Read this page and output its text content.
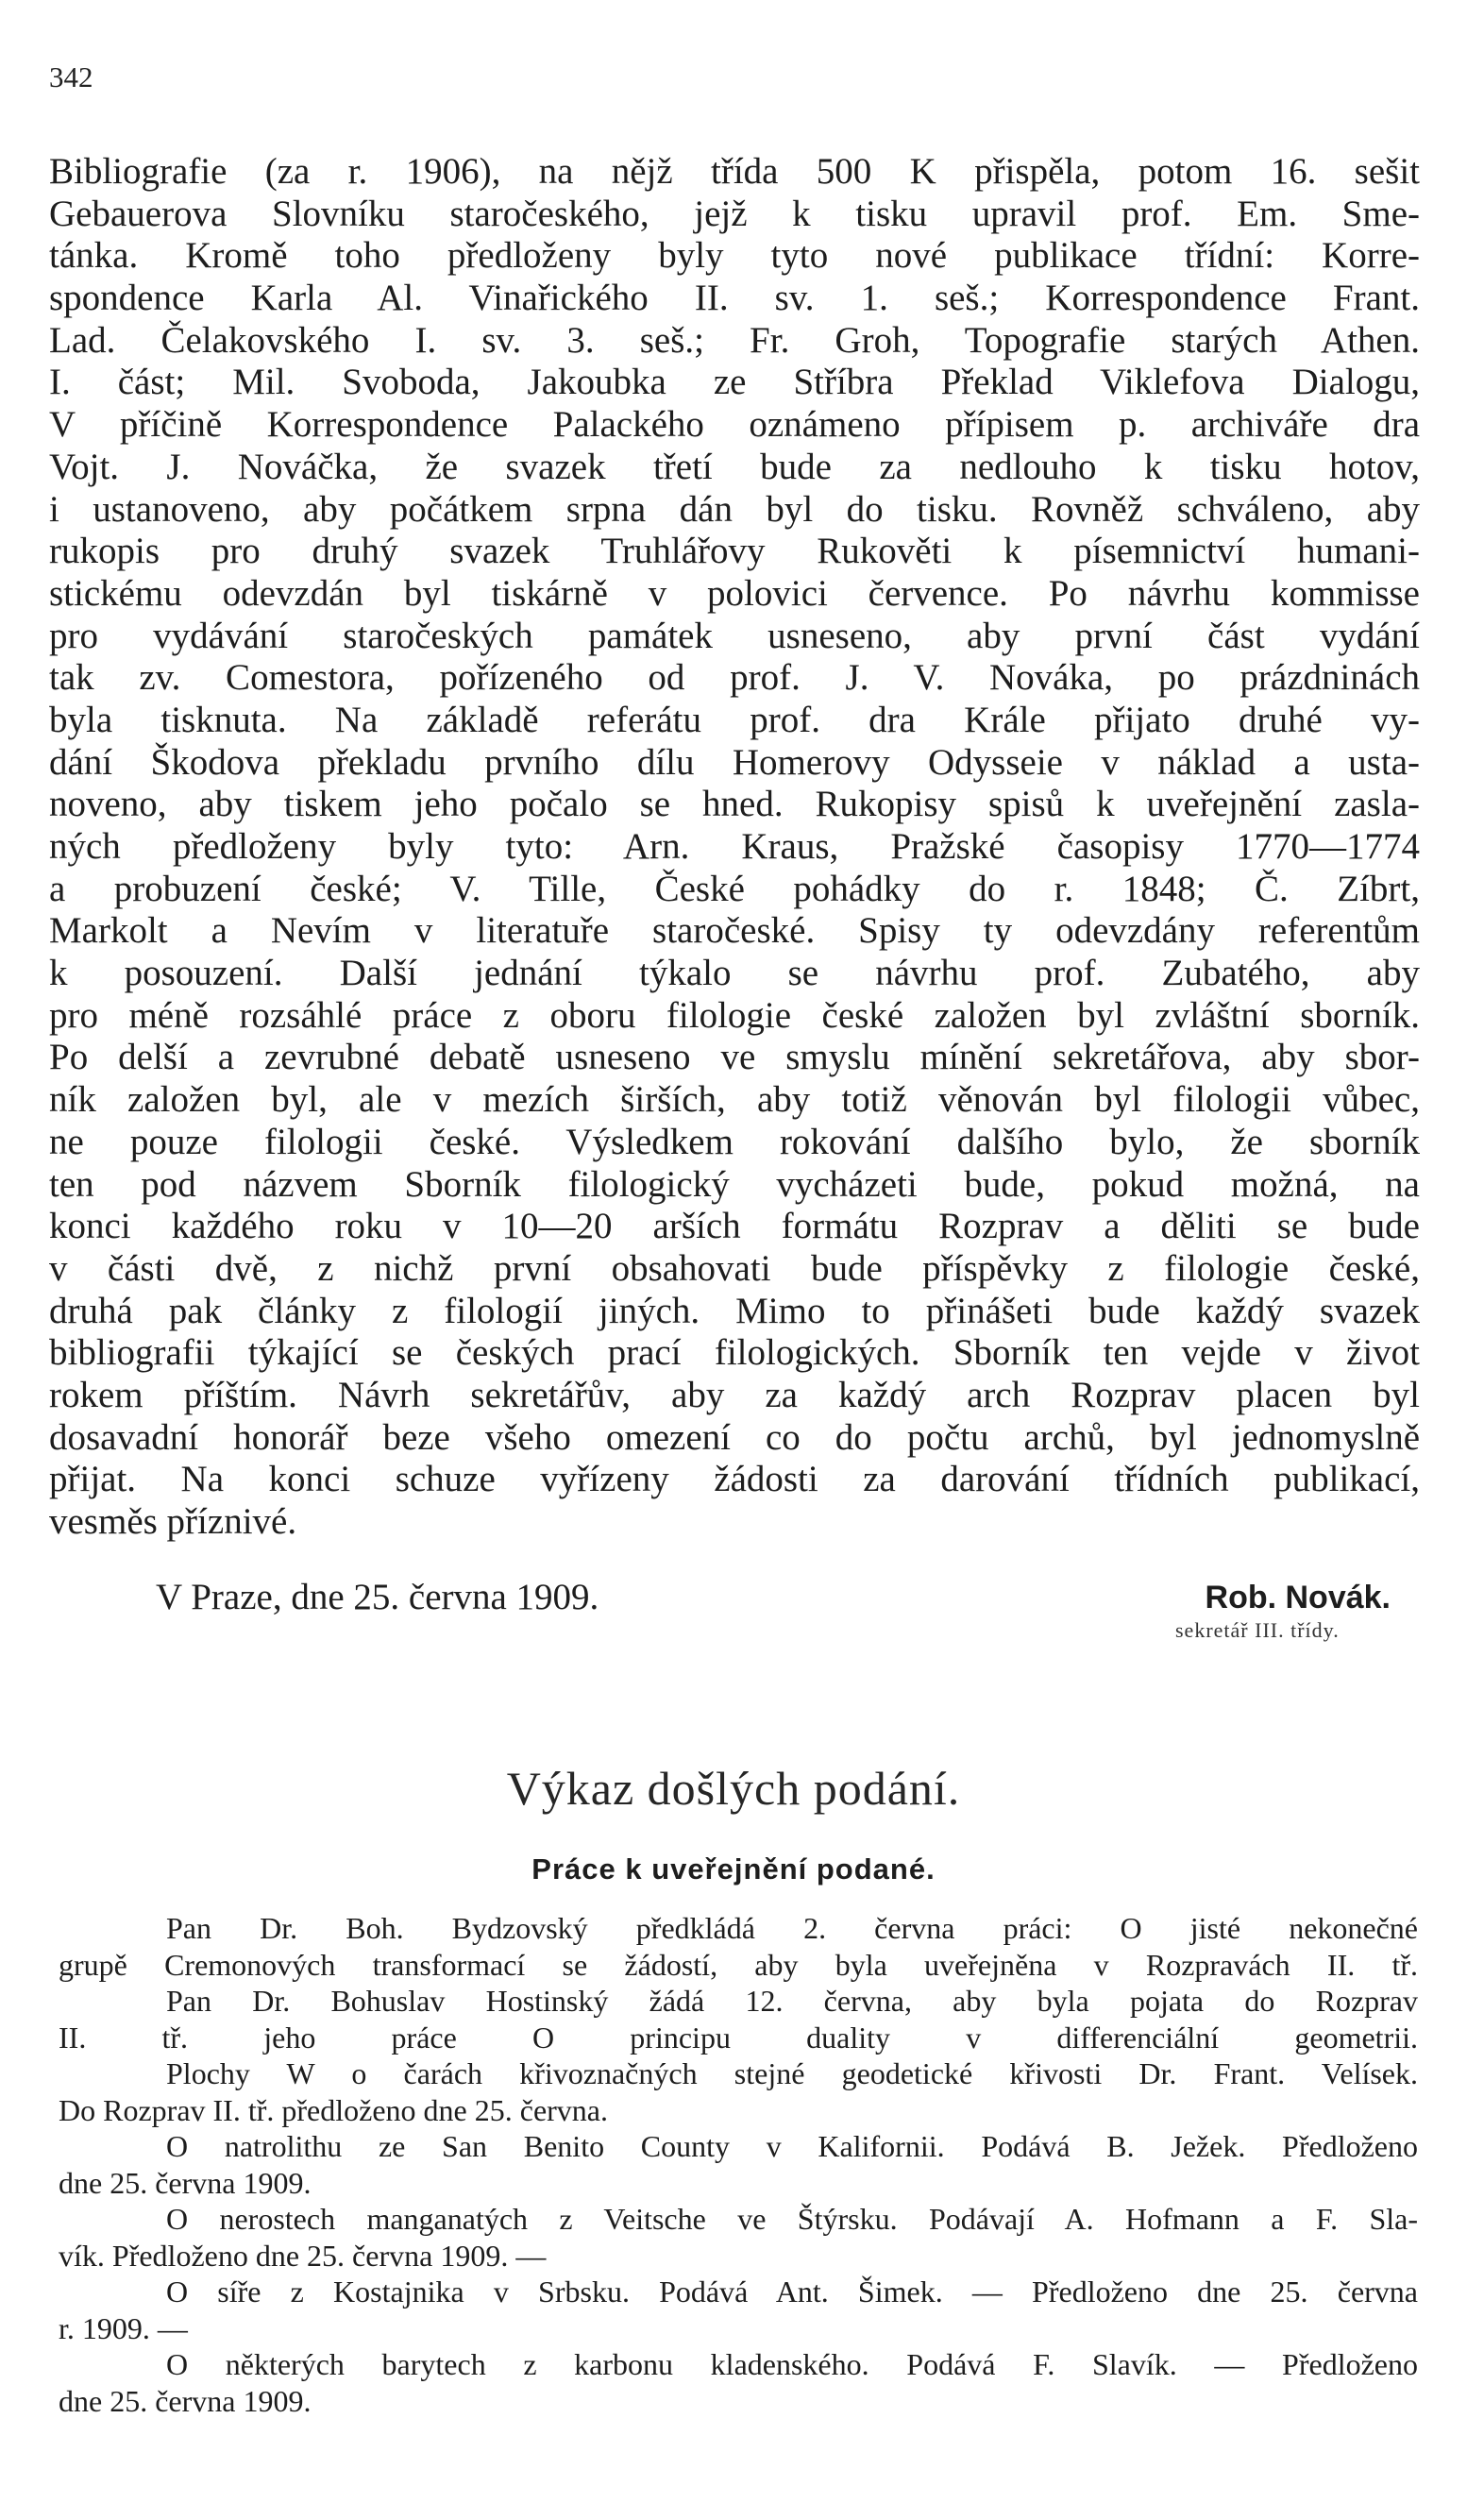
342
Bibliografie (za r. 1906), na nějž třída 500 K přispěla, potom 16. sešit
Gebauerova Slovníku staročeského, jejž k tisku upravil prof. Em. Sme-
tánka. Kromě toho předloženy byly tyto nové publikace třídní: Korre-
spondence Karla Al. Vinařického II. sv. 1. seš.; Korrespondence Frant.
Lad. Čelakovského I. sv. 3. seš.; Fr. Groh, Topografie starých Athen.
I. část; Mil. Svoboda, Jakoubka ze Stříbra Překlad Viklefova Dialogu,
V příčině Korrespondence Palackého oznámeno přípisem p. archiváře dra
Vojt. J. Nováčka, že svazek třetí bude za nedlouho k tisku hotov,
i ustanoveno, aby počátkem srpna dán byl do tisku. Rovněž schváleno, aby
rukopis pro druhý svazek Truhlářovy Rukověti k písemnictví humani-
stickému odevzdán byl tiskárně v polovici července. Po návrhu kommisse
pro vydávání staročeských památek usneseno, aby první část vydání
tak zv. Comestora, pořízeného od prof. J. V. Nováka, po prázdninách
byla tisknuta. Na základě referátu prof. dra Krále přijato druhé vy-
dání Škodova překladu prvního dílu Homerovy Odysseie v náklad a usta-
noveno, aby tiskem jeho počalo se hned. Rukopisy spisů k uveřejnění zasla-
ných předloženy byly tyto: Arn. Kraus, Pražské časopisy 1770—1774
a probuzení české; V. Tille, České pohádky do r. 1848; Č. Zíbrt,
Markolt a Nevím v literatuře staročeské. Spisy ty odevzdány referentům
k posouzení. Další jednání týkalo se návrhu prof. Zubatého, aby
pro méně rozsáhlé práce z oboru filologie české založen byl zvláštní sborník.
Po delší a zevrubné debatě usneseno ve smyslu mínění sekretářova, aby sbor-
ník založen byl, ale v mezích širších, aby totiž věnován byl filologii vůbec,
ne pouze filologii české. Výsledkem rokování dalšího bylo, že sborník
ten pod názvem Sborník filologický vycházeti bude, pokud možná, na
konci každého roku v 10—20 arších formátu Rozprav a děliti se bude
v části dvě, z nichž první obsahovati bude příspěvky z filologie české,
druhá pak články z filologií jiných. Mimo to přinášeti bude každý svazek
bibliografii týkající se českých prací filologických. Sborník ten vejde v život
rokem příštím. Návrh sekretářův, aby za každý arch Rozprav placen byl
dosavadní honorář beze všeho omezení co do počtu archů, byl jednomyslně
přijat. Na konci schuze vyřízeny žádosti za darování třídních publikací,
vesměs příznivé.
V Praze, dne 25. června 1909.	Rob. Novák.
sekretář III. třídy.
Výkaz došlých podání.
Práce k uveřejnění podané.
Pan Dr. Boh. Bydzovský předkládá 2. června práci: O jisté nekonečné
grupě Cremonových transformací se žádostí, aby byla uveřejněna v Rozpravách II. tř.
Pan Dr. Bohuslav Hostinský žádá 12. června, aby byla pojata do Rozprav
II. tř. jeho práce O principu duality v differenciální geometrii.
Plochy W o čarách křivoznačných stejné geodetické křivosti Dr. Frant. Velísek.
Do Rozprav II. tř. předloženo dne 25. června.
O natrolithu ze San Benito County v Kalifornii. Podává B. Ježek. Předloženo
dne 25. června 1909.
O nerostech manganatých z Veitsche ve Štýrsku. Podávají A. Hofmann a F. Sla-
vík. Předloženo dne 25. června 1909. —
O síře z Kostajnika v Srbsku. Podává Ant. Šimek. — Předloženo dne 25. června
r. 1909. —
O některých barytech z karbonu kladenského. Podává F. Slavík. — Předloženo
dne 25. června 1909.
